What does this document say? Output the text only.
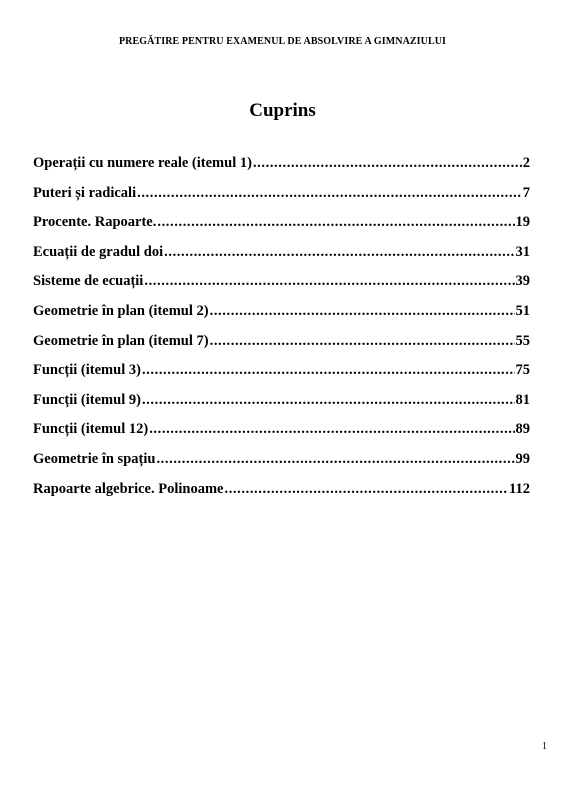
PREGĂTIRE PENTRU EXAMENUL DE ABSOLVIRE A GIMNAZIULUI
Cuprins
Operații cu numere reale (itemul 1) .....	2
Puteri și radicali .....	7
Procente. Rapoarte. .....	19
Ecuații de gradul doi .....	31
Sisteme de ecuații .....	39
Geometrie în plan (itemul 2) .....	51
Geometrie în plan (itemul 7) .....	55
Funcții (itemul 3) .....	75
Funcții (itemul 9) .....	81
Funcții (itemul 12) .....	89
Geometrie în spațiu .....	99
Rapoarte algebrice. Polinoame .....	112
1
